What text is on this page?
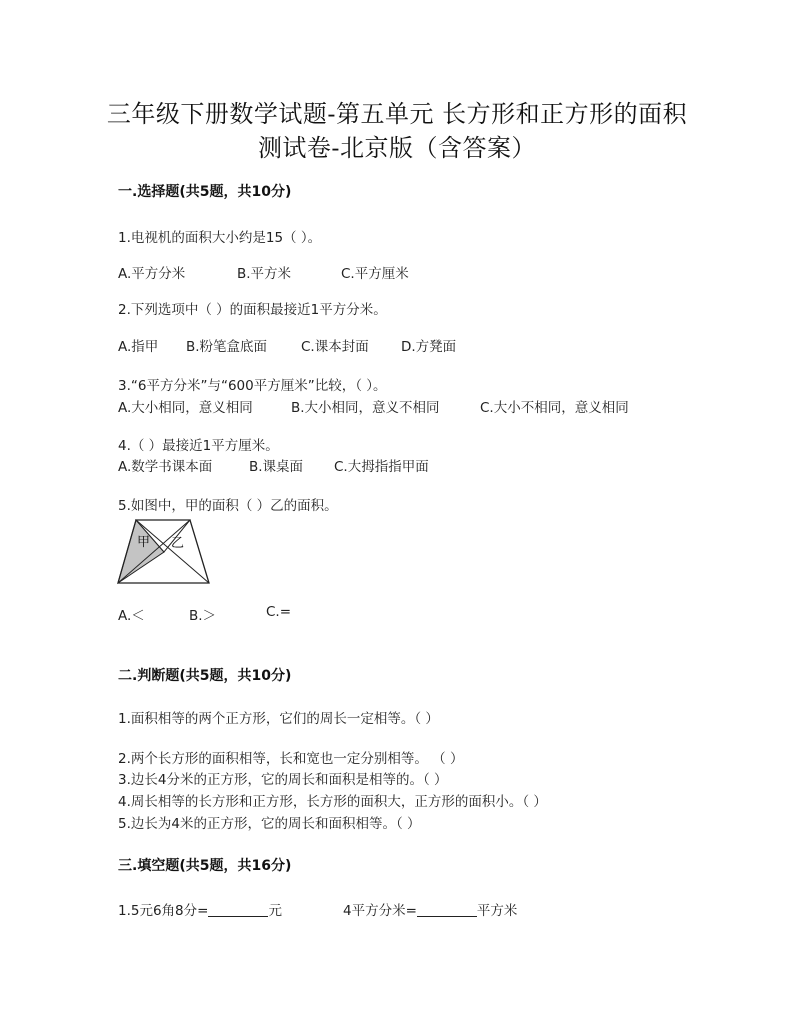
三年级下册数学试题-第五单元 长方形和正方形的面积
测试卷-北京版（含答案）
一.选择题(共5题，共10分)
1.电视机的面积大小约是15（ ）。
A.平方分米	B.平方米	C.平方厘米
2.下列选项中（ ）的面积最接近1平方分米。
A.指甲 B.粉笔盒底面	C.课本封面 D.方凳面
3.“6平方分米”与“600平方厘米”比较，（ ）。
A.大小相同，意义相同	B.大小相同，意义不相同	C.大小不相同，意义相同
4.（ ）最接近1平方厘米。
A.数学书课本面	B.课桌面 C.大拇指指甲面
5.如图中，甲的面积（ ）乙的面积。
甲 乙
A.＜	B.＞	C.=
二.判断题(共5题，共10分)
1.面积相等的两个正方形，它们的周长一定相等。（ ）
2.两个长方形的面积相等，长和宽也一定分别相等。 （ ）
3.边长4分米的正方形，它的周长和面积是相等的。（ ）
4.周长相等的长方形和正方形，长方形的面积大，正方形的面积小。（ ）
5.边长为4米的正方形，它的周长和面积相等。（ ）
三.填空题(共5题，共16分)
1.5元6角8分=	元	4平方分米=	平方米
